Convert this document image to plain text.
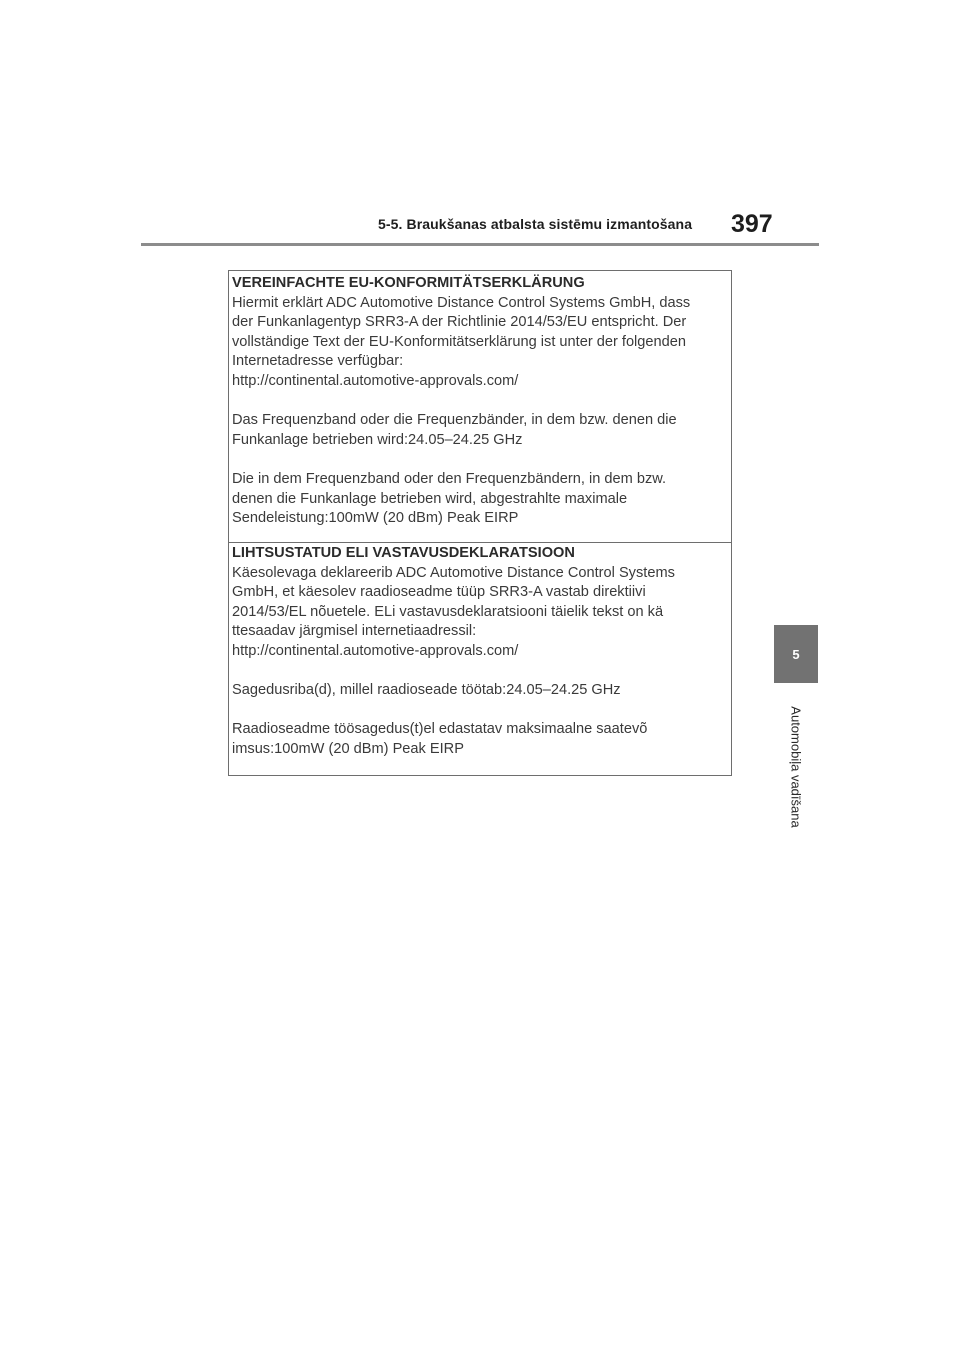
5-5. Braukšanas atbalsta sistēmu izmantošana 397
5
Automobiļa vadīšana
VEREINFACHTE EU-KONFORMITÄTSERKLÄRUNG

Hiermit erklärt ADC Automotive Distance Control Systems GmbH, dass
der Funkanlagentyp SRR3-A der Richtlinie 2014/53/EU entspricht. Der
vollständige Text der EU-Konformitätserklärung ist unter der folgenden
Internetadresse verfügbar:
http://continental.automotive-approvals.com/

Das Frequenzband oder die Frequenzbänder, in dem bzw. denen die
Funkanlage betrieben wird:24.05–24.25 GHz

Die in dem Frequenzband oder den Frequenzbändern, in dem bzw.
denen die Funkanlage betrieben wird, abgestrahlte maximale
Sendeleistung:100mW (20 dBm) Peak EIRP

LIHTSUSTATUD ELI VASTAVUSDEKLARATSIOON

Käesolevaga deklareerib ADC Automotive Distance Control Systems
GmbH, et käesolev raadioseadme tüüp SRR3-A vastab direktiivi
2014/53/EL nõuetele. ELi vastavusdeklaratsiooni täielik tekst on kä
ttesaadav järgmisel internetiaadressil:
http://continental.automotive-approvals.com/

Sagedusriba(d), millel raadioseade töötab:24.05–24.25 GHz

Raadioseadme töösagedus(t)el edastatav maksimaalne saatevõ
imsus:100mW (20 dBm) Peak EIRP
